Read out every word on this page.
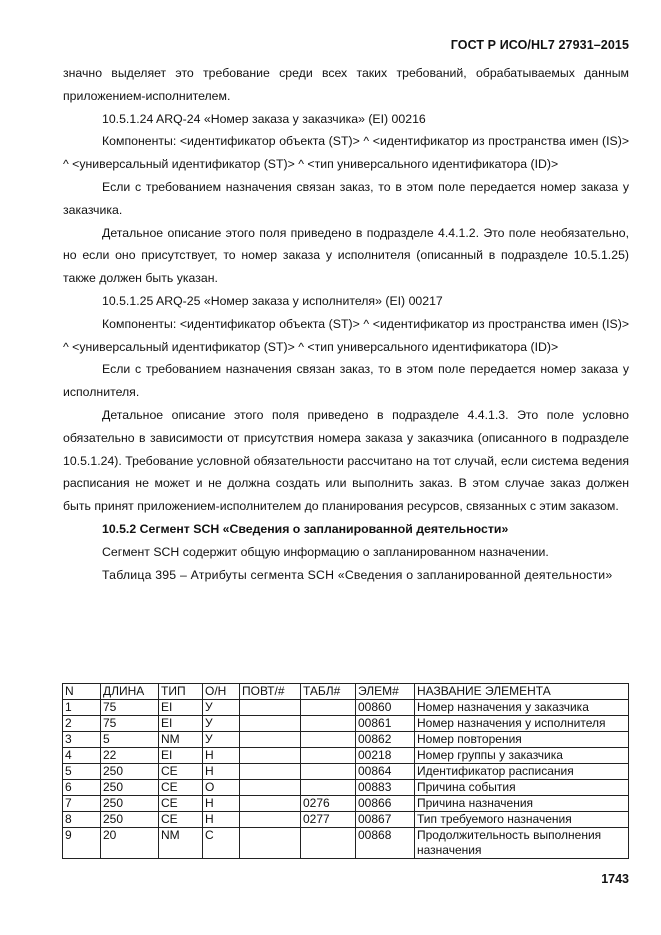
ГОСТ Р ИСО/HL7 27931–2015

значно выделяет это требование среди всех таких требований, обрабатываемых данным приложением-исполнителем.

10.5.1.24 ARQ-24 «Номер заказа у заказчика» (EI) 00216

Компоненты: <идентификатор объекта (ST)> ^ <идентификатор из пространства имен (IS)> ^ <универсальный идентификатор (ST)> ^ <тип универсального идентификатора (ID)>

Если с требованием назначения связан заказ, то в этом поле передается номер заказа у заказчика.

Детальное описание этого поля приведено в подразделе 4.4.1.2. Это поле необязательно, но если оно присутствует, то номер заказа у исполнителя (описанный в подразделе 10.5.1.25) также должен быть указан.

10.5.1.25 ARQ-25 «Номер заказа у исполнителя» (EI) 00217

Компоненты: <идентификатор объекта (ST)> ^ <идентификатор из пространства имен (IS)> ^ <универсальный идентификатор (ST)> ^ <тип универсального идентификатора (ID)>

Если с требованием назначения связан заказ, то в этом поле передается номер заказа у исполнителя.

Детальное описание этого поля приведено в подразделе 4.4.1.3. Это поле условно обязательно в зависимости от присутствия номера заказа у заказчика (описанного в подразделе 10.5.1.24). Требование условной обязательности рассчитано на тот случай, если система ведения расписания не может и не должна создать или выполнить заказ. В этом случае заказ должен быть принят приложением-исполнителем до планирования ресурсов, связанных с этим заказом.

10.5.2 Сегмент SCH «Сведения о запланированной деятельности»

Сегмент SCH содержит общую информацию о запланированном назначении.

Таблица 395 – Атрибуты сегмента SCH «Сведения о запланированной деятельности»

N	ДЛИНА	ТИП	О/Н	ПОВТ/#	ТАБЛ#	ЭЛЕМ#	НАЗВАНИЕ ЭЛЕМЕНТА
1	75	EI	У			00860	Номер назначения у заказчика
2	75	EI	У			00861	Номер назначения у исполнителя
3	5	NM	У			00862	Номер повторения
4	22	EI	Н			00218	Номер группы у заказчика
5	250	CE	Н			00864	Идентификатор расписания
6	250	CE	О			00883	Причина события
7	250	CE	Н		0276	00866	Причина назначения
8	250	CE	Н		0277	00867	Тип требуемого назначения
9	20	NM	С			00868	Продолжительность выполнения назначения
1743
